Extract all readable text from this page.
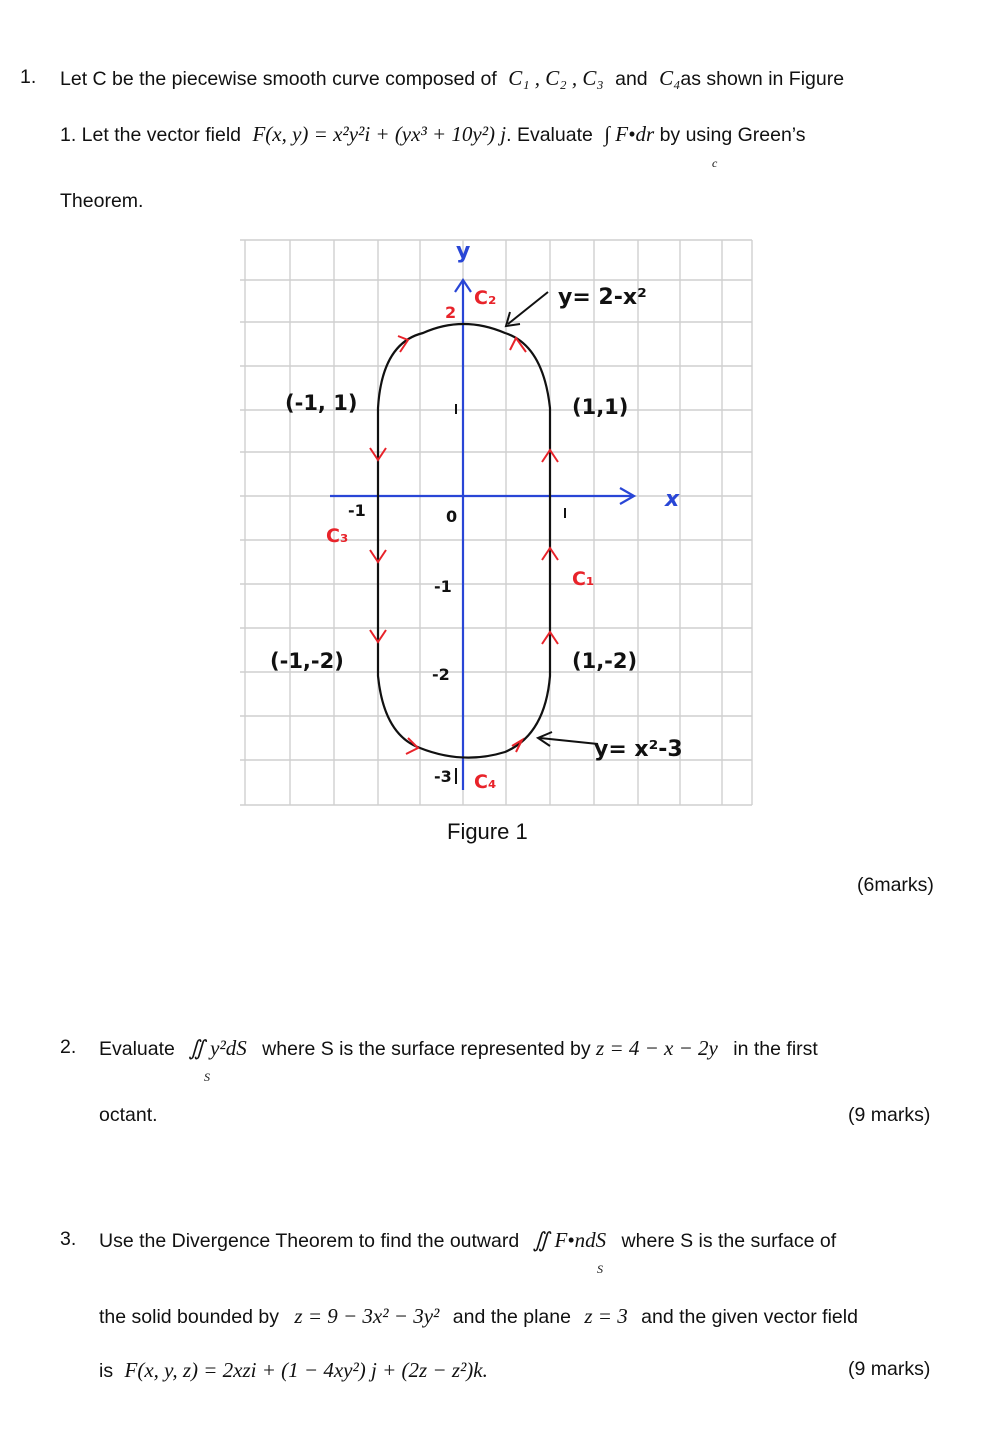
1. Let C be the piecewise smooth curve composed of C₁ , C₂ , C₃ and C₄as shown in Figure
1. Let the vector field F(x, y) = x²y²i + (yx³ + 10y²) j. Evaluate ∫ F•dr by using Green’s
c
Theorem.
y
x
C₂
C₁
C₃
C₄
y= 2-x²
y= x²-3
(-1, 1)	(1,1)
(-1,-2)	(1,-2)
2
0
-1
-2
-3
-1
Figure 1
(6marks)
2. Evaluate ∬ y²dS where S is the surface represented by z = 4 − x − 2y in the first
S
octant.	(9 marks)
3. Use the Divergence Theorem to find the outward ∬ F•ndS where S is the surface of
S
the solid bounded by z = 9 − 3x² − 3y² and the plane z = 3 and the given vector field
is F(x, y, z) = 2xzi + (1 − 4xy²) j + (2z − z²)k.	(9 marks)
